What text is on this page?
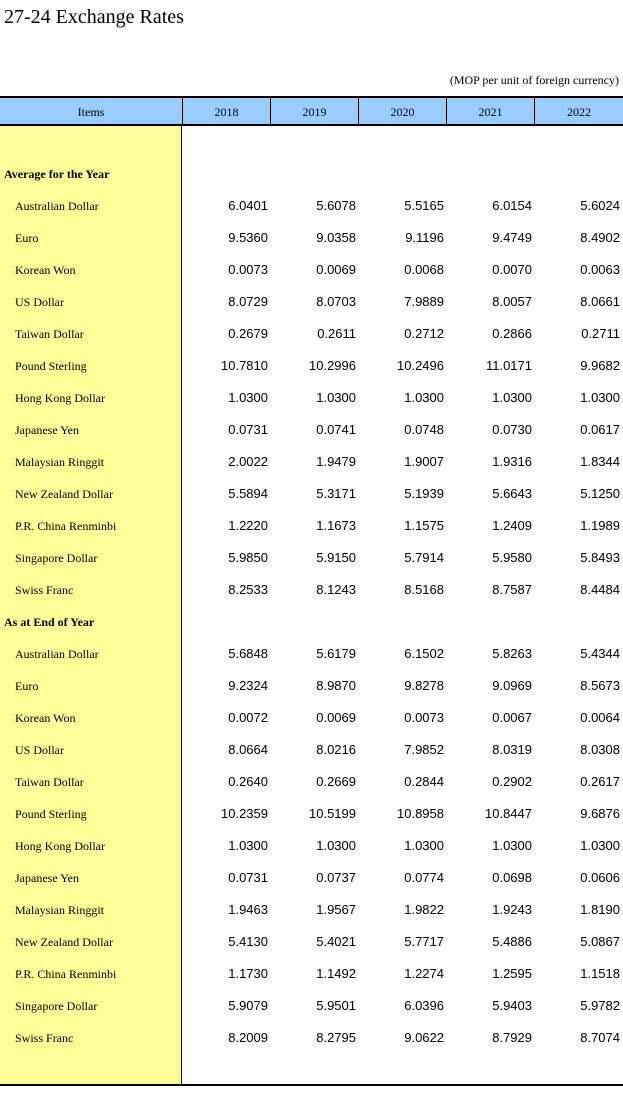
27-24 Exchange Rates
(MOP per unit of foreign currency)
Items	2018	2019	2020	2021	2022
Average for the Year
Australian Dollar	6.0401	5.6078	5.5165	6.0154	5.6024
Euro	9.5360	9.0358	9.1196	9.4749	8.4902
Korean Won	0.0073	0.0069	0.0068	0.0070	0.0063
US Dollar	8.0729	8.0703	7.9889	8.0057	8.0661
Taiwan Dollar	0.2679	0.2611	0.2712	0.2866	0.2711
Pound Sterling	10.7810	10.2996	10.2496	11.0171	9.9682
Hong Kong Dollar	1.0300	1.0300	1.0300	1.0300	1.0300
Japanese Yen	0.0731	0.0741	0.0748	0.0730	0.0617
Malaysian Ringgit	2.0022	1.9479	1.9007	1.9316	1.8344
New Zealand Dollar	5.5894	5.3171	5.1939	5.6643	5.1250
P.R. China Renminbi	1.2220	1.1673	1.1575	1.2409	1.1989
Singapore Dollar	5.9850	5.9150	5.7914	5.9580	5.8493
Swiss Franc	8.2533	8.1243	8.5168	8.7587	8.4484
As at End of Year
Australian Dollar	5.6848	5.6179	6.1502	5.8263	5.4344
Euro	9.2324	8.9870	9.8278	9.0969	8.5673
Korean Won	0.0072	0.0069	0.0073	0.0067	0.0064
US Dollar	8.0664	8.0216	7.9852	8.0319	8.0308
Taiwan Dollar	0.2640	0.2669	0.2844	0.2902	0.2617
Pound Sterling	10.2359	10.5199	10.8958	10.8447	9.6876
Hong Kong Dollar	1.0300	1.0300	1.0300	1.0300	1.0300
Japanese Yen	0.0731	0.0737	0.0774	0.0698	0.0606
Malaysian Ringgit	1.9463	1.9567	1.9822	1.9243	1.8190
New Zealand Dollar	5.4130	5.4021	5.7717	5.4886	5.0867
P.R. China Renminbi	1.1730	1.1492	1.2274	1.2595	1.1518
Singapore Dollar	5.9079	5.9501	6.0396	5.9403	5.9782
Swiss Franc	8.2009	8.2795	9.0622	8.7929	8.7074
